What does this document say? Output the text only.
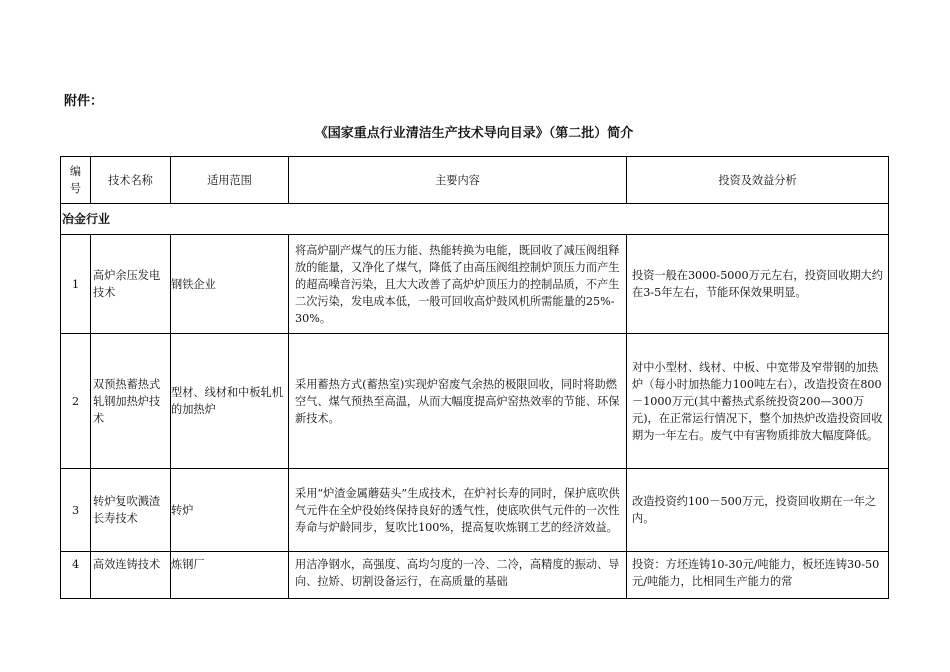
附件：
《国家重点行业清洁生产技术导向目录》（第二批）简介
编号	技术名称	适用范围	主要内容	投资及效益分析
冶金行业				
1	高炉余压发电技术	钢铁企业	将高炉副产煤气的压力能、热能转换为电能，既回收了减压阀组释放的能量，又净化了煤气，降低了由高压阀组控制炉顶压力而产生的超高噪音污染，且大大改善了高炉炉顶压力的控制品质，不产生二次污染，发电成本低，一般可回收高炉鼓风机所需能量的25%-30%。	投资一般在3000-5000万元左右，投资回收期大约在3-5年左右，节能环保效果明显。
2	双预热蓄热式轧钢加热炉技术	型材、线材和中板轧机的加热炉	采用蓄热方式(蓄热室)实现炉窑废气余热的极限回收，同时将助燃空气、煤气预热至高温，从而大幅度提高炉窑热效率的节能、环保新技术。	对中小型材、线材、中板、中宽带及窄带钢的加热炉（每小时加热能力100吨左右），改造投资在800－1000万元(其中蓄热式系统投资200—300万元)，在正常运行情况下，整个加热炉改造投资回收期为一年左右。废气中有害物质排放大幅度降低。
3	转炉复吹溅渣长寿技术	转炉	采用“炉渣金属蘑菇头”生成技术，在炉衬长寿的同时，保护底吹供气元件在全炉役始终保持良好的透气性，使底吹供气元件的一次性寿命与炉龄同步，复吹比100%，提高复吹炼钢工艺的经济效益。	改造投资约100－500万元，投资回收期在一年之内。
4	高效连铸技术	炼钢厂	用洁净钢水，高强度、高均匀度的一冷、二冷，高精度的振动、导向、拉矫、切割设备运行，在高质量的基础	投资：方坯连铸10-30元/吨能力，板坯连铸30-50元/吨能力，比相同生产能力的常
